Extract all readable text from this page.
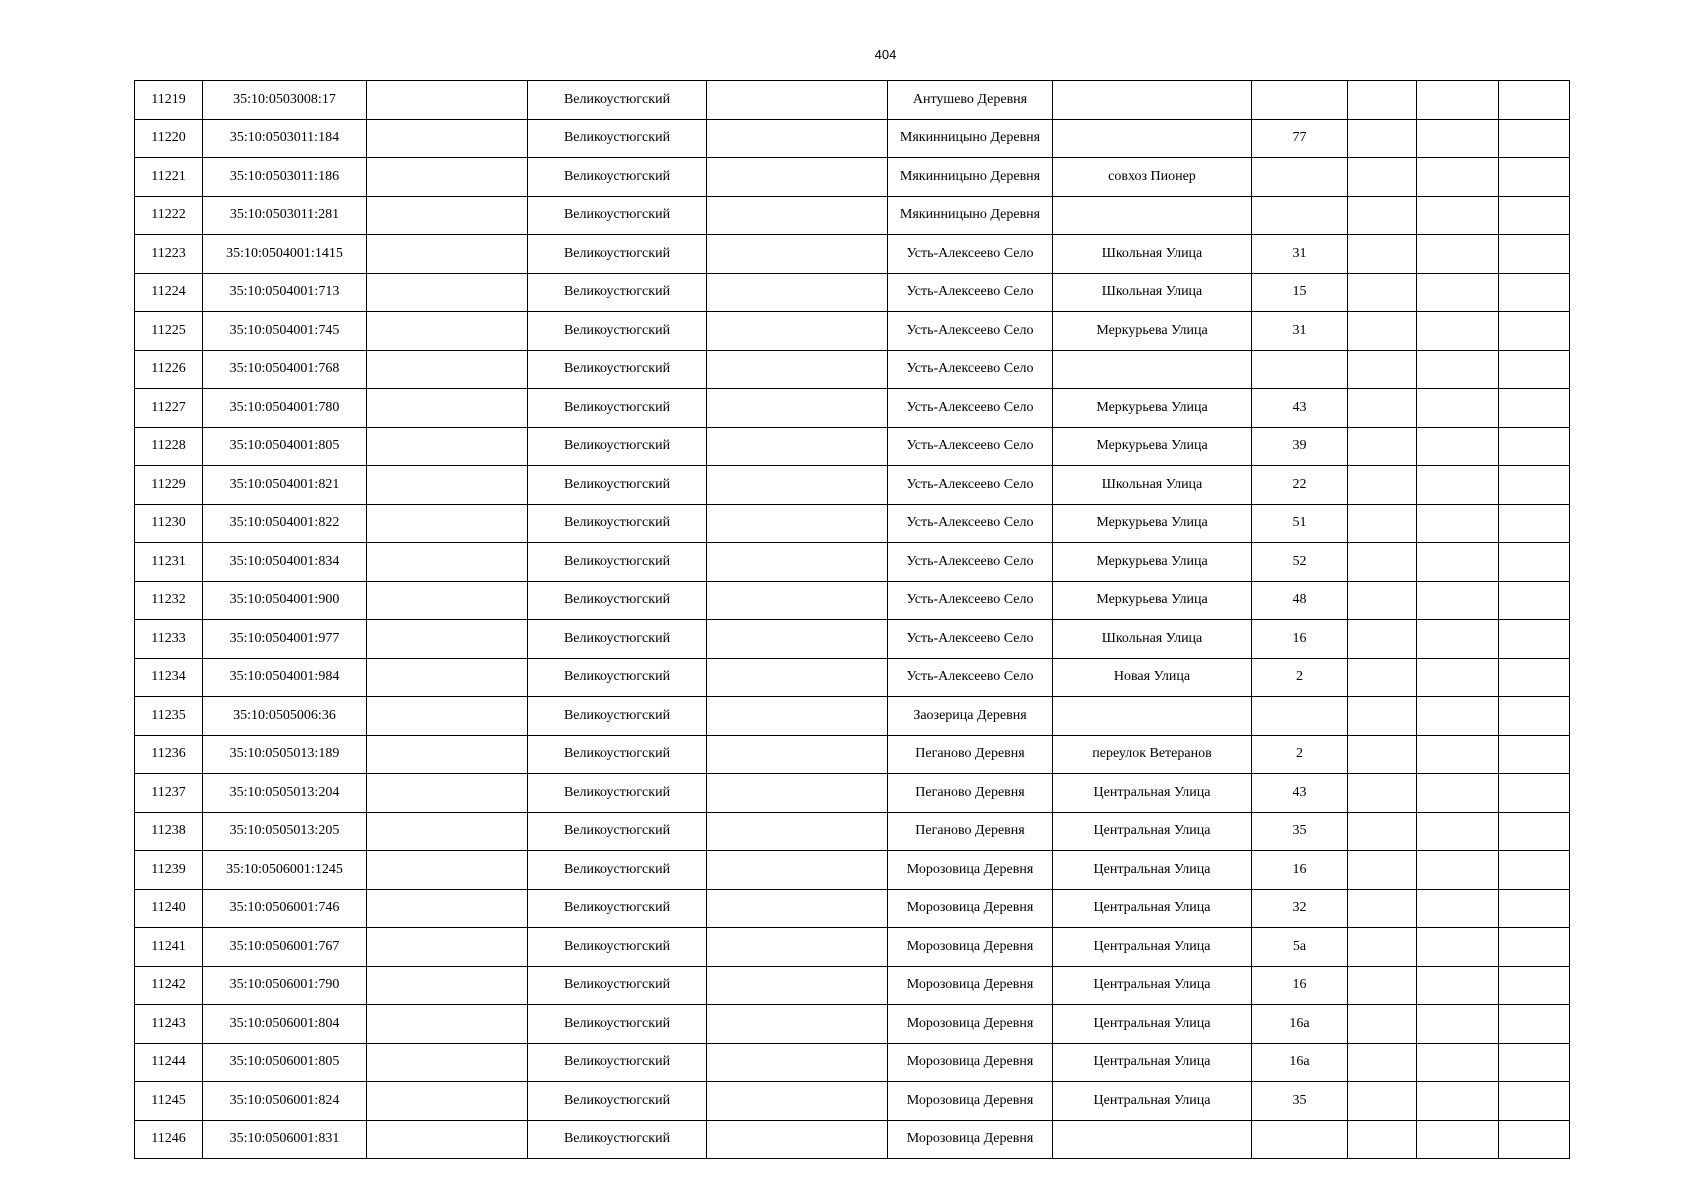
404
11219	35:10:0503008:17		Великоустюгский		Антушево Деревня					
11220	35:10:0503011:184		Великоустюгский		Мякинницыно Деревня		77			
11221	35:10:0503011:186		Великоустюгский		Мякинницыно Деревня	совхоз Пионер				
11222	35:10:0503011:281		Великоустюгский		Мякинницыно Деревня					
11223	35:10:0504001:1415		Великоустюгский		Усть-Алексеево Село	Школьная Улица	31			
11224	35:10:0504001:713		Великоустюгский		Усть-Алексеево Село	Школьная Улица	15			
11225	35:10:0504001:745		Великоустюгский		Усть-Алексеево Село	Меркурьева Улица	31			
11226	35:10:0504001:768		Великоустюгский		Усть-Алексеево Село					
11227	35:10:0504001:780		Великоустюгский		Усть-Алексеево Село	Меркурьева Улица	43			
11228	35:10:0504001:805		Великоустюгский		Усть-Алексеево Село	Меркурьева Улица	39			
11229	35:10:0504001:821		Великоустюгский		Усть-Алексеево Село	Школьная Улица	22			
11230	35:10:0504001:822		Великоустюгский		Усть-Алексеево Село	Меркурьева Улица	51			
11231	35:10:0504001:834		Великоустюгский		Усть-Алексеево Село	Меркурьева Улица	52			
11232	35:10:0504001:900		Великоустюгский		Усть-Алексеево Село	Меркурьева Улица	48			
11233	35:10:0504001:977		Великоустюгский		Усть-Алексеево Село	Школьная Улица	16			
11234	35:10:0504001:984		Великоустюгский		Усть-Алексеево Село	Новая Улица	2			
11235	35:10:0505006:36		Великоустюгский		Заозерица Деревня					
11236	35:10:0505013:189		Великоустюгский		Пеганово Деревня	переулок Ветеранов	2			
11237	35:10:0505013:204		Великоустюгский		Пеганово Деревня	Центральная Улица	43			
11238	35:10:0505013:205		Великоустюгский		Пеганово Деревня	Центральная Улица	35			
11239	35:10:0506001:1245		Великоустюгский		Морозовица Деревня	Центральная Улица	16			
11240	35:10:0506001:746		Великоустюгский		Морозовица Деревня	Центральная Улица	32			
11241	35:10:0506001:767		Великоустюгский		Морозовица Деревня	Центральная Улица	5а			
11242	35:10:0506001:790		Великоустюгский		Морозовица Деревня	Центральная Улица	16			
11243	35:10:0506001:804		Великоустюгский		Морозовица Деревня	Центральная Улица	16а			
11244	35:10:0506001:805		Великоустюгский		Морозовица Деревня	Центральная Улица	16а			
11245	35:10:0506001:824		Великоустюгский		Морозовица Деревня	Центральная Улица	35			
11246	35:10:0506001:831		Великоустюгский		Морозовица Деревня					
